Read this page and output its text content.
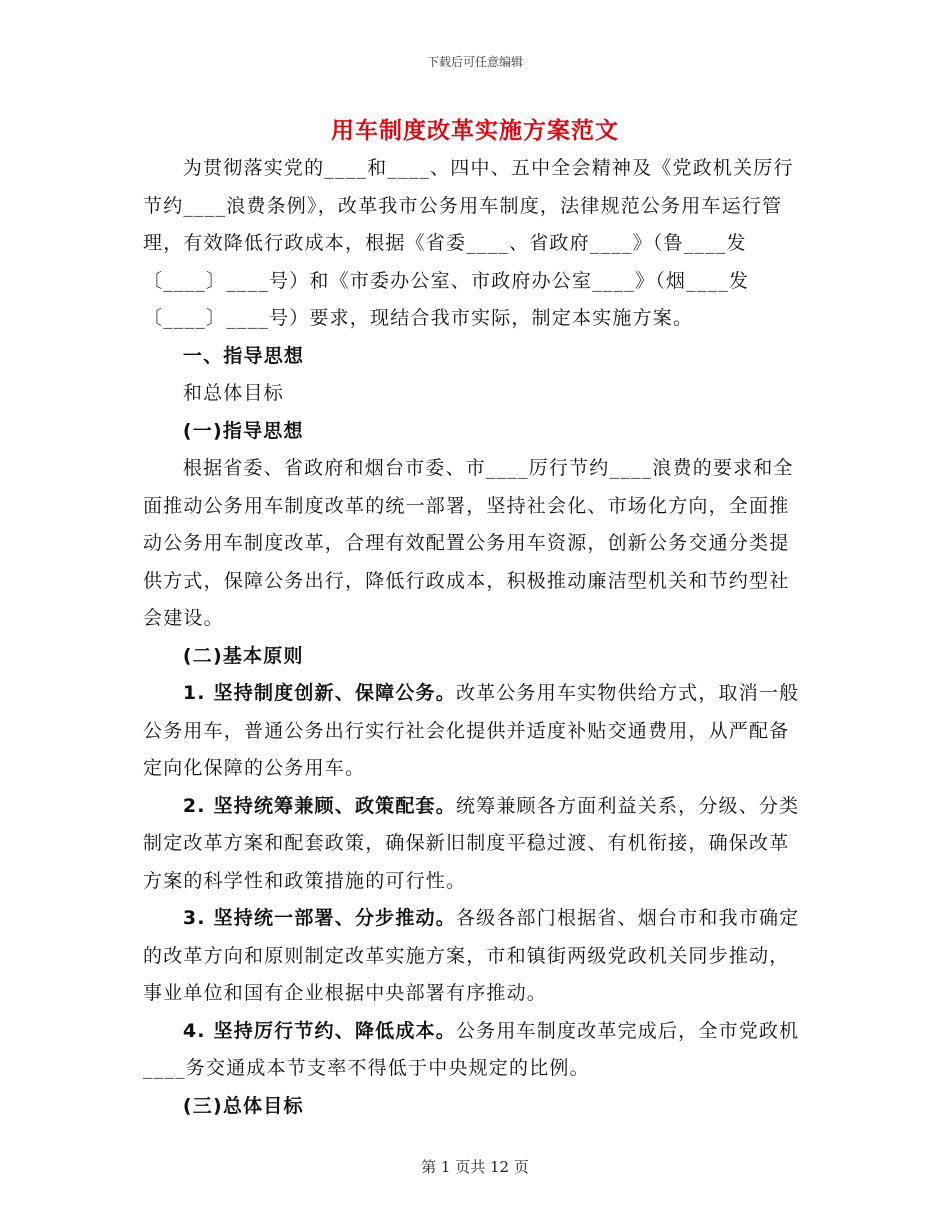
下载后可任意编辑
用车制度改革实施方案范文

为贯彻落实党的____和____、四中、五中全会精神及《党政机关厉行节约____浪费条例》，改革我市公务用车制度，法律规范公务用车运行管理，有效降低行政成本，根据《省委____、省政府____》（鲁____发〔____〕____号）和《市委办公室、市政府办公室____》（烟____发〔____〕____号）要求，现结合我市实际，制定本实施方案。

一、指导思想

和总体目标

(一)指导思想

根据省委、省政府和烟台市委、市____厉行节约____浪费的要求和全面推动公务用车制度改革的统一部署，坚持社会化、市场化方向，全面推动公务用车制度改革，合理有效配置公务用车资源，创新公务交通分类提供方式，保障公务出行，降低行政成本，积极推动廉洁型机关和节约型社会建设。

(二)基本原则

1. 坚持制度创新、保障公务。改革公务用车实物供给方式，取消一般公务用车，普通公务出行实行社会化提供并适度补贴交通费用，从严配备定向化保障的公务用车。

2. 坚持统筹兼顾、政策配套。统筹兼顾各方面利益关系，分级、分类制定改革方案和配套政策，确保新旧制度平稳过渡、有机衔接，确保改革方案的科学性和政策措施的可行性。

3. 坚持统一部署、分步推动。各级各部门根据省、烟台市和我市确定的改革方向和原则制定改革实施方案，市和镇街两级党政机关同步推动，事业单位和国有企业根据中央部署有序推动。

4. 坚持厉行节约、降低成本。公务用车制度改革完成后，全市党政机____务交通成本节支率不得低于中央规定的比例。

(三)总体目标

第 1 页共 12 页
